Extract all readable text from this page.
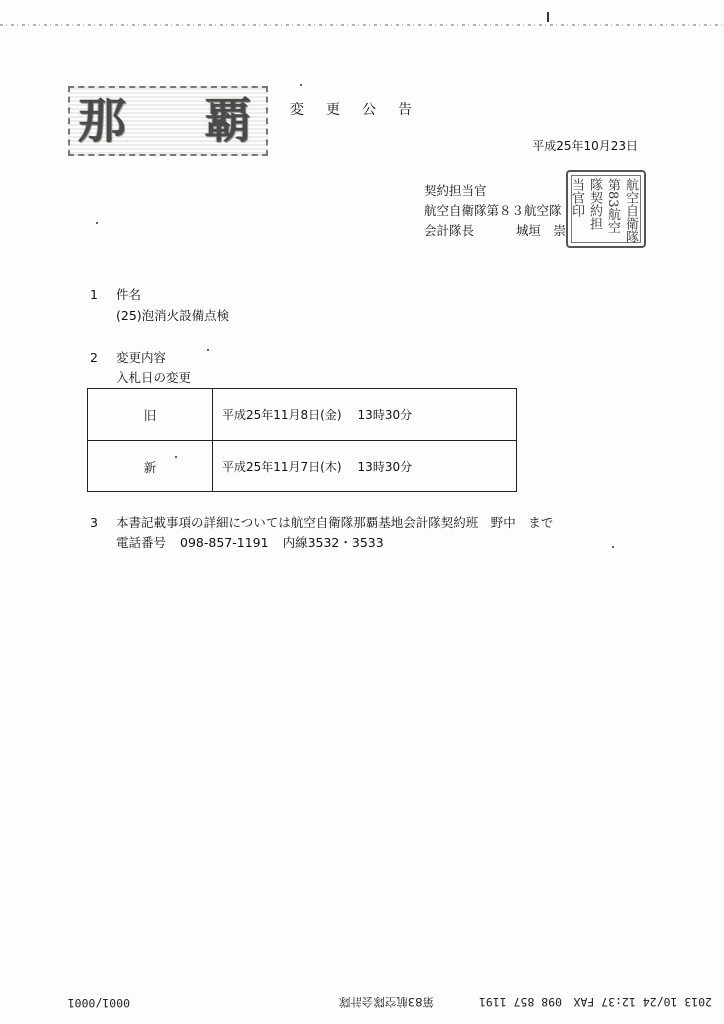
那 覇	変更公告
平成25年10月23日
契約担当官
航空自衛隊第８３航空隊
会計隊長	城垣　崇	航空自衛隊
第83航空
隊契約担
当官印
1 件名
(25)泡消火設備点検
2 変更内容
入札日の変更
旧	平成25年11月8日(金) 13時30分
新	平成25年11月7日(木) 13時30分
3 本書記載事項の詳細については航空自衛隊那覇基地会計隊契約班　野中　まで
電話番号 098-857-1191 内線3532・3533
2013 10/24 12:37 FAX　098 857 1191
第83航空隊会計隊
0001/0001
